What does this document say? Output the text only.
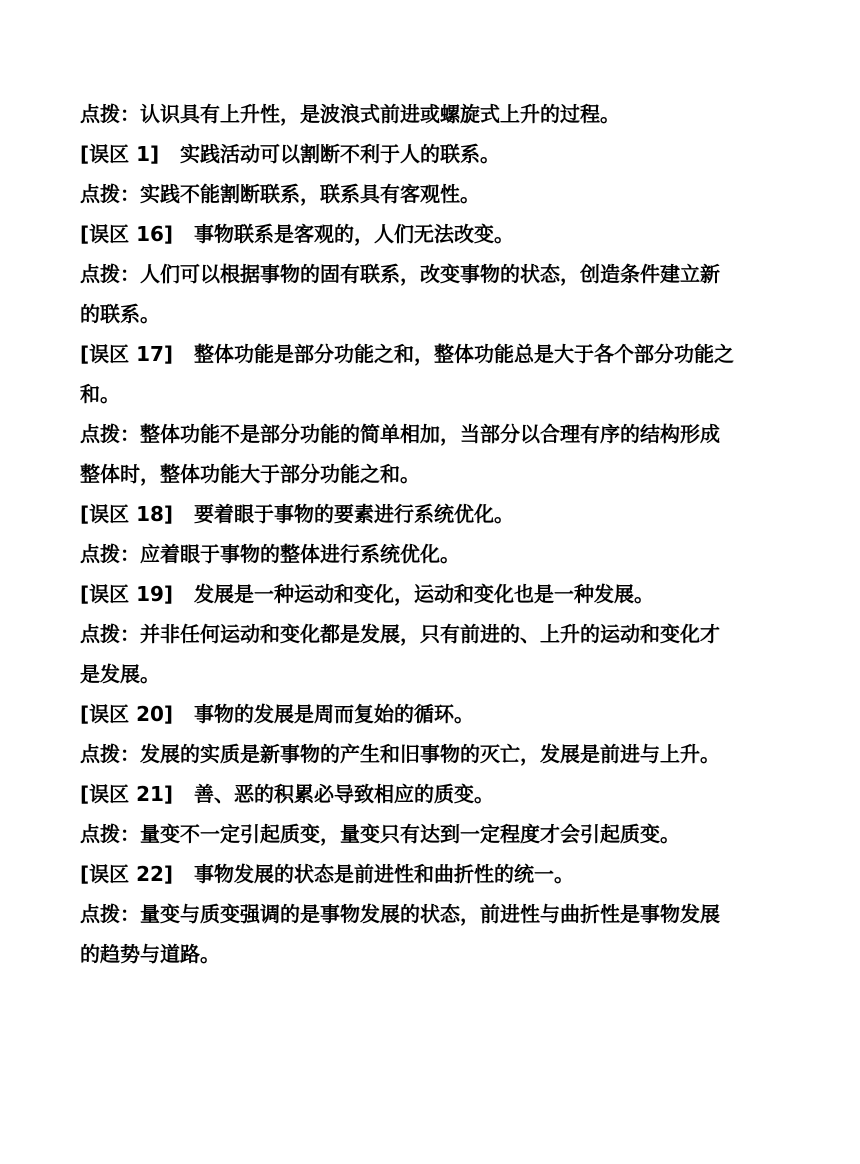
点拨：认识具有上升性，是波浪式前进或螺旋式上升的过程。

[误区 1]   实践活动可以割断不利于人的联系。

点拨：实践不能割断联系，联系具有客观性。

[误区 16]   事物联系是客观的，人们无法改变。

点拨：人们可以根据事物的固有联系，改变事物的状态，创造条件建立新

的联系。

[误区 17]   整体功能是部分功能之和，整体功能总是大于各个部分功能之

和。

点拨：整体功能不是部分功能的简单相加，当部分以合理有序的结构形成

整体时，整体功能大于部分功能之和。

[误区 18]   要着眼于事物的要素进行系统优化。

点拨：应着眼于事物的整体进行系统优化。

[误区 19]   发展是一种运动和变化，运动和变化也是一种发展。

点拨：并非任何运动和变化都是发展，只有前进的、上升的运动和变化才

是发展。

[误区 20]   事物的发展是周而复始的循环。

点拨：发展的实质是新事物的产生和旧事物的灭亡，发展是前进与上升。

[误区 21]   善、恶的积累必导致相应的质变。

点拨：量变不一定引起质变，量变只有达到一定程度才会引起质变。

[误区 22]   事物发展的状态是前进性和曲折性的统一。

点拨：量变与质变强调的是事物发展的状态，前进性与曲折性是事物发展

的趋势与道路。
